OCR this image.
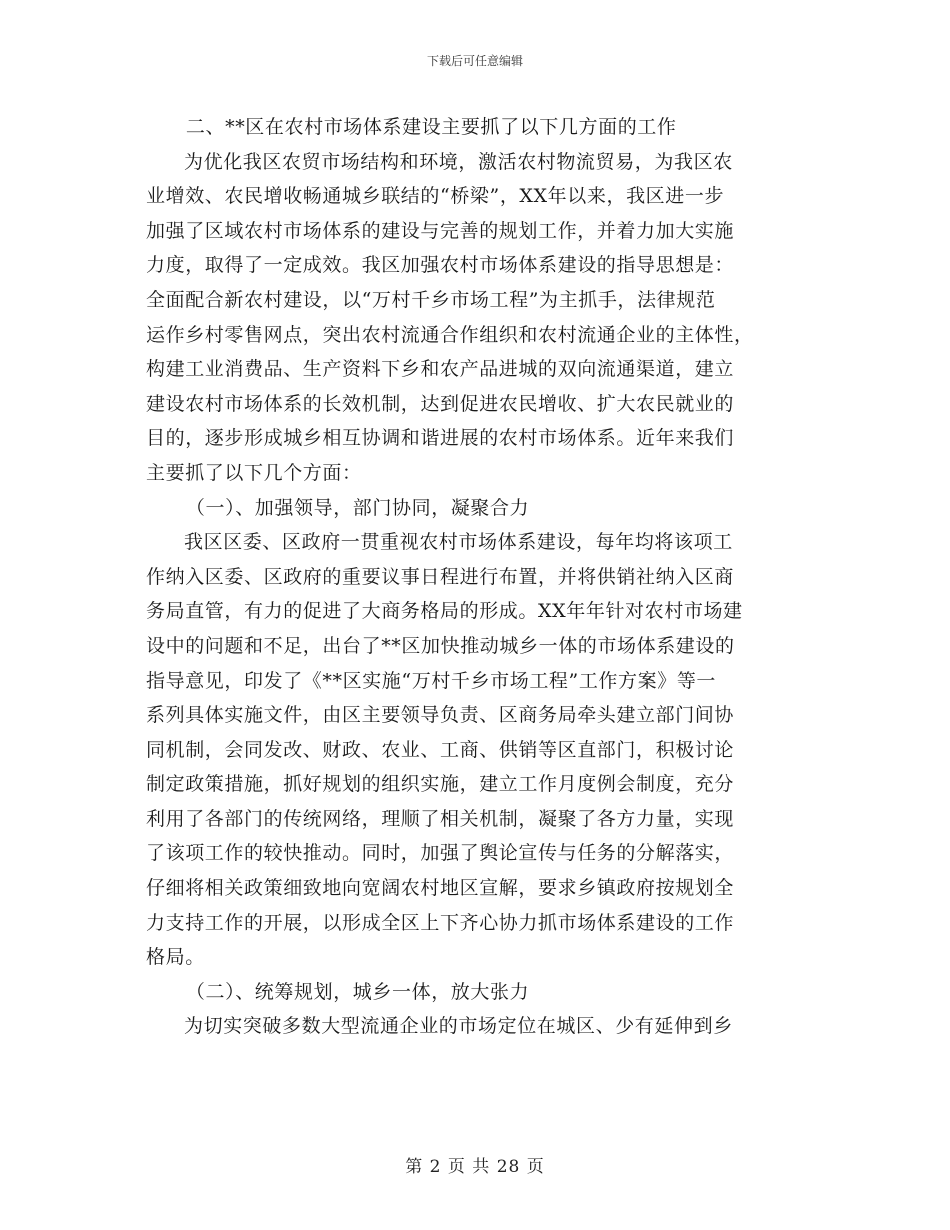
下载后可任意编辑

二、**区在农村市场体系建设主要抓了以下几方面的工作

为优化我区农贸市场结构和环境，激活农村物流贸易，为我区农
业增效、农民增收畅通城乡联结的“桥梁”，XX年以来，我区进一步
加强了区域农村市场体系的建设与完善的规划工作，并着力加大实施
力度，取得了一定成效。我区加强农村市场体系建设的指导思想是：
全面配合新农村建设，以“万村千乡市场工程”为主抓手，法律规范
运作乡村零售网点，突出农村流通合作组织和农村流通企业的主体性，
构建工业消费品、生产资料下乡和农产品进城的双向流通渠道，建立
建设农村市场体系的长效机制，达到促进农民增收、扩大农民就业的
目的，逐步形成城乡相互协调和谐进展的农村市场体系。近年来我们
主要抓了以下几个方面：

（一）、加强领导，部门协同，凝聚合力

我区区委、区政府一贯重视农村市场体系建设，每年均将该项工
作纳入区委、区政府的重要议事日程进行布置，并将供销社纳入区商
务局直管，有力的促进了大商务格局的形成。XX年年针对农村市场建
设中的问题和不足，出台了**区加快推动城乡一体的市场体系建设的
指导意见，印发了《**区实施“万村千乡市场工程”工作方案》等一
系列具体实施文件，由区主要领导负责、区商务局牵头建立部门间协
同机制，会同发改、财政、农业、工商、供销等区直部门，积极讨论
制定政策措施，抓好规划的组织实施，建立工作月度例会制度，充分
利用了各部门的传统网络，理顺了相关机制，凝聚了各方力量，实现
了该项工作的较快推动。同时，加强了舆论宣传与任务的分解落实，
仔细将相关政策细致地向宽阔农村地区宣解，要求乡镇政府按规划全
力支持工作的开展，以形成全区上下齐心协力抓市场体系建设的工作
格局。

（二）、统筹规划，城乡一体，放大张力

为切实突破多数大型流通企业的市场定位在城区、少有延伸到乡

第 2 页 共 28 页
